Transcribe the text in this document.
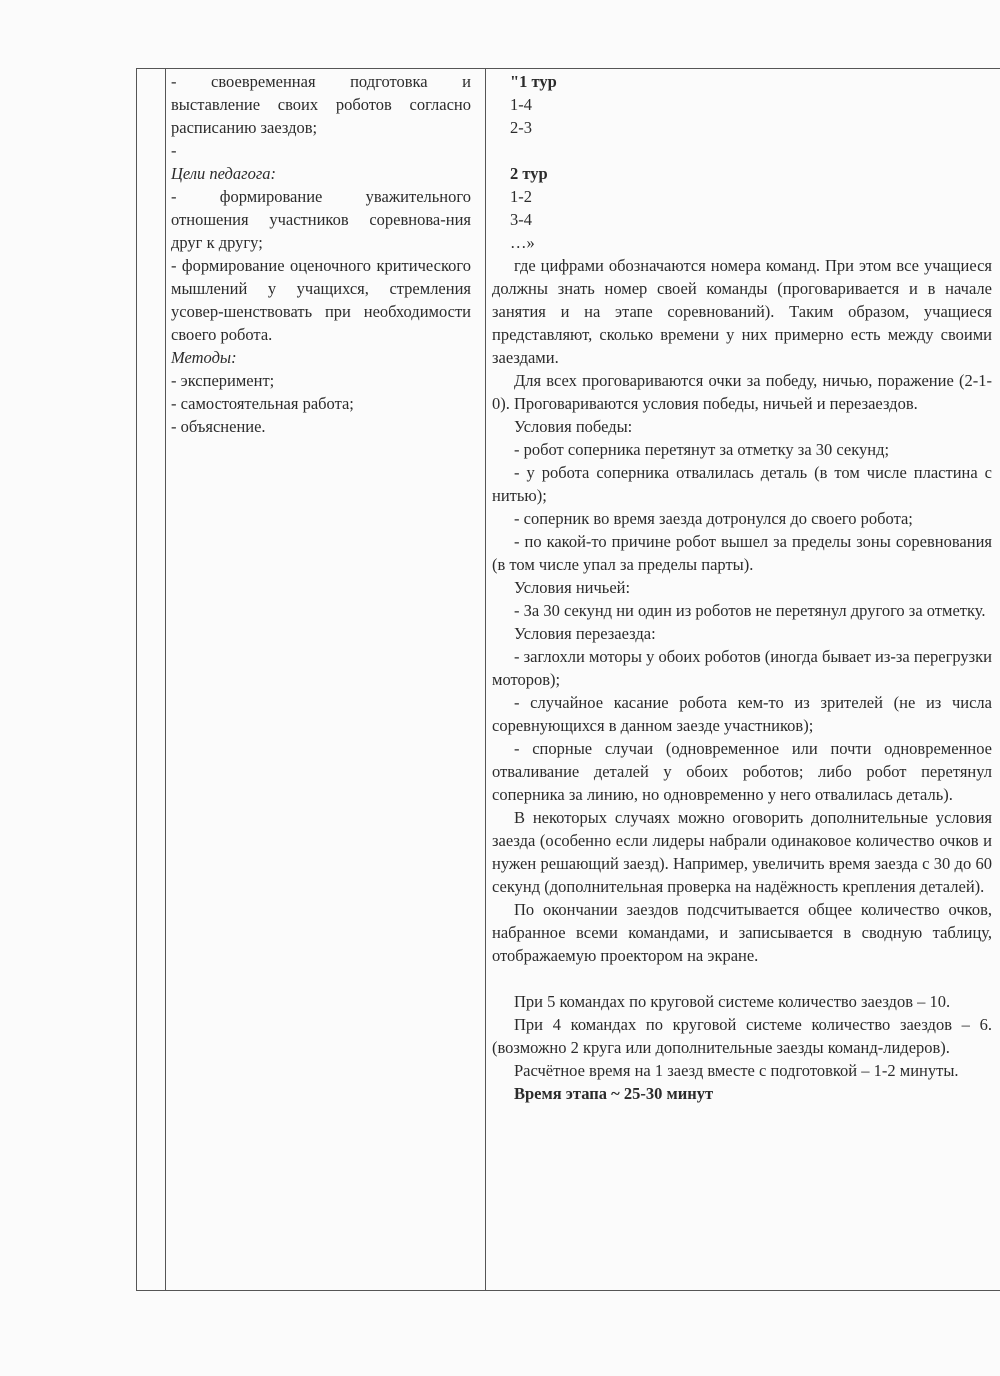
- своевременная подготовка и выставление своих роботов согласно расписанию заездов;

-

Цели педагога:

- формирование уважительного отношения участников соревнова-ния друг к другу;

- формирование оценочного критического мышлений у учащихся, стремления усовер-шенствовать при необходимости своего робота.

Методы:

- эксперимент;

- самостоятельная работа;

- объяснение.

"1 тур

1-4

2-3

2 тур

1-2

3-4

…»

где цифрами обозначаются номера команд. При этом все учащиеся должны знать номер своей команды (проговаривается и в начале занятия и на этапе соревнований). Таким образом, учащиеся представляют, сколько времени у них примерно есть между своими заездами.

Для всех проговариваются очки за победу, ничью, поражение (2-1-0). Проговариваются условия победы, ничьей и перезаездов.

Условия победы:

- робот соперника перетянут за отметку за 30 секунд;

- у робота соперника отвалилась деталь (в том числе пластина с нитью);

- соперник во время заезда дотронулся до своего робота;

- по какой-то причине робот вышел за пределы зоны соревнования (в том числе упал за пределы парты).

Условия ничьей:

- За 30 секунд ни один из роботов не перетянул другого за отметку.

Условия перезаезда:

- заглохли моторы у обоих роботов (иногда бывает из-за перегрузки моторов);

- случайное касание робота кем-то из зрителей (не из числа соревнующихся в данном заезде участников);

- спорные случаи (одновременное или почти одновременное отваливание деталей у обоих роботов; либо робот перетянул соперника за линию, но одновременно у него отвалилась деталь).

В некоторых случаях можно оговорить дополнительные условия заезда (особенно если лидеры набрали одинаковое количество очков и нужен решающий заезд). Например, увеличить время заезда с 30 до 60 секунд (дополнительная проверка на надёжность крепления деталей).

По окончании заездов подсчитывается общее количество очков, набранное всеми командами, и записывается в сводную таблицу, отображаемую проектором на экране.

При 5 командах по круговой системе количество заездов – 10.

При 4 командах по круговой системе количество заездов – 6. (возможно 2 круга или дополнительные заезды команд-лидеров).

Расчётное время на 1 заезд вместе с подготовкой – 1-2 минуты.

Время этапа ~ 25-30 минут
